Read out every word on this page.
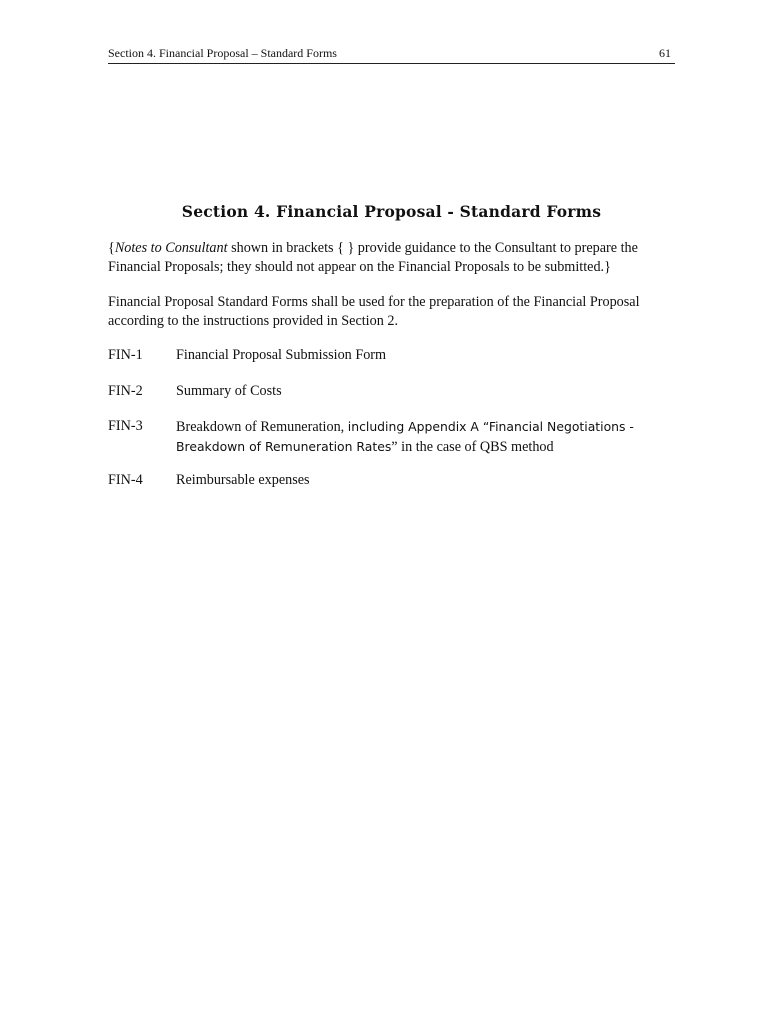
Section 4. Financial Proposal – Standard Forms	61
Section 4. Financial Proposal - Standard Forms
{Notes to Consultant shown in brackets { } provide guidance to the Consultant to prepare the
Financial Proposals; they should not appear on the Financial Proposals to be submitted.}
Financial Proposal Standard Forms shall be used for the preparation of the Financial Proposal
according to the instructions provided in Section 2.
FIN-1	Financial Proposal Submission Form
FIN-2	Summary of Costs
FIN-3	Breakdown of Remuneration, including Appendix A “Financial Negotiations -
Breakdown of Remuneration Rates” in the case of QBS method
FIN-4	Reimbursable expenses
